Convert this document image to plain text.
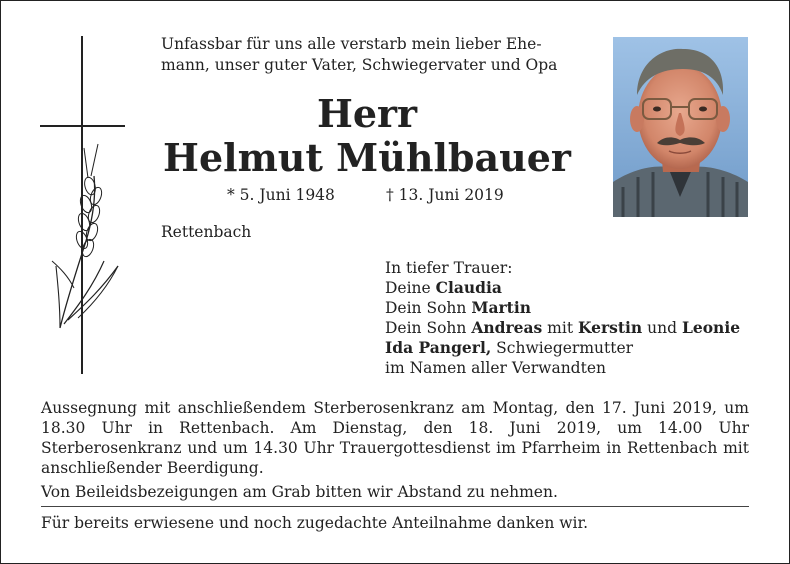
Unfassbar für uns alle verstarb mein lieber Ehe-
mann, unser guter Vater, Schwiegervater und Opa
Herr
Helmut Mühlbauer
* 5. Juni 1948	† 13. Juni 2019
Rettenbach
In tiefer Trauer:
Deine Claudia
Dein Sohn Martin
Dein Sohn Andreas mit Kerstin und Leonie
Ida Pangerl, Schwiegermutter
im Namen aller Verwandten
Aussegnung mit anschließendem Sterberosenkranz am Montag, den 17. Juni 2019, um 18.30 Uhr in Rettenbach. Am Dienstag, den 18. Juni 2019, um 14.00 Uhr Sterberosenkranz und um 14.30 Uhr Trauergottesdienst im Pfarrheim in Rettenbach mit anschließender Beerdigung.
Von Beileidsbezeigungen am Grab bitten wir Abstand zu nehmen.
Für bereits erwiesene und noch zugedachte Anteilnahme danken wir.
